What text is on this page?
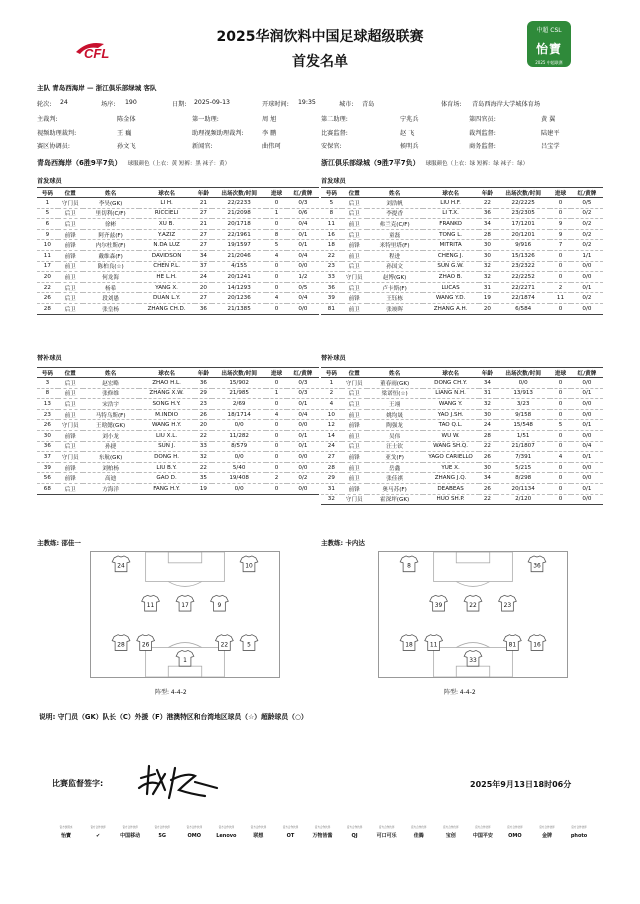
CFL
中超 CSL
怡寶
2025 中超联赛
2025华润饮料中国足球超级联赛
首发名单
主队 青岛西海岸 — 浙江俱乐部绿城 客队
轮次: 24	场序: 190	日期: 2025-09-13	开球时间: 19:35	城市: 青岛	体育场: 青岛西海岸大学城体育场
主裁判:	陈金体	第一助理:	周 旭	第二助理:	宁兆兵	第四官员:	黄 翼
视频助理裁判:	王 巍	助理视频助理裁判:	李 鹏	比赛监督:	赵 飞	裁判监督:	陆建平
赛区协调员:	孙文飞	新闻官:	曲伟珂	安保官:	候明兵	商务监督:	吕宝学
青岛西海岸（6胜9平7负） 球服颜色（上衣：黄 短裤：黑 袜子：黄）	浙江俱乐部绿城（9胜7平7负） 球服颜色（上衣：绿 短裤：绿 袜子：绿）
首发球员	首发球员
号码	位置	姓名	球衣名	年龄	出场次数/时间	进球	红/黄牌
1	守门员	李昊(GK)	LI H.	21	22/2233	0	0/3
5	后卫	里切利(C/F)	RICCIELI	27	21/2098	1	0/6
6	后卫	徐彬	XU B.	21	20/1718	0	0/4
9	前锋	阿齐兹(F)	Y.AZIZ	27	22/1961	8	0/1
10	前锋	内尔杜斯(F)	N.DA LUZ	27	19/1597	5	0/1
11	前锋	戴维森(F)	DAVIDSON	34	21/2046	4	0/4
17	前卫	陈柏良(☆)	CHEN P.L.	37	4/155	0	0/0
20	前卫	何龙海	HE L.H.	24	20/1241	0	1/2
22	后卫	杨希	YANG X.	20	14/1293	0	0/5
26	后卫	段刘愚	DUAN L.Y.	27	20/1236	4	0/4
28	后卫	张皇杨	ZHANG CH.D.	36	21/1385	0	0/0
号码	位置	姓名	球衣名	年龄	出场次数/时间	进球	红/黄牌
5	后卫	刘浩帆	LIU H.F.	22	22/2225	0	0/5
8	后卫	李提香	LI T.X.	36	23/2305	0	0/2
11	前卫	弗兰克(C/F)	FRANKO	34	17/1201	9	0/2
16	后卫	童磊	TONG L.	28	20/1201	9	0/2
18	前锋	米特里塔(F)	MITRITA	30	9/916	7	0/2
22	前卫	程进	CHENG J.	30	15/1326	0	1/1
23	后卫	孙国文	SUN G.W.	32	23/2322	0	0/0
33	守门员	赵博(GK)	ZHAO B.	32	22/2252	0	0/0
36	后卫	卢卡斯(F)	LUCAS	31	22/2271	2	0/1
39	前锋	王钰栋	WANG Y.D.	19	22/1874	11	0/2
81	前卫	张竣晖	ZHANG A.H.	20	6/584	0	0/0
替补球员	替补球员
号码	位置	姓名	球衣名	年龄	出场次数/时间	进球	红/黄牌
3	后卫	赵宏略	ZHAO H.L.	36	15/902	0	0/3
8	前卫	张修维	ZHANG X.W.	29	21/985	1	0/3
13	后卫	宋浩宇	SONG H.Y.	23	2/69	0	0/1
23	前卫	马特乌斯(F)	M.INDIO	26	18/1714	4	0/4
26	守门员	王晗懿(GK)	WANG H.Y.	20	0/0	0	0/0
30	前锋	刘小龙	LIU X.L.	22	11/282	0	0/1
36	后卫	孙捷	SUN J.	33	8/579	0	0/1
37	守门员	东航(GK)	DONG H.	32	0/0	0	0/0
39	前锋	刘柏杨	LIU B.Y.	22	5/40	0	0/0
56	前锋	高迪	GAO D.	35	19/408	2	0/2
68	后卫	方海洋	FANG H.Y.	19	0/0	0	0/0
号码	位置	姓名	球衣名	年龄	出场次数/时间	进球	红/黄牌
1	守门员	董春雨(GK)	DONG CH.Y.	34	0/0	0	0/0
2	后卫	梁诺恒(☆)	LIANG N.H.	31	13/913	0	0/1
4	后卫	王翊	WANG Y.	32	3/23	0	0/0
10	前卫	姚均晟	YAO J.SH.	30	9/158	0	0/0
12	前锋	陶强龙	TAO Q.L.	24	15/548	5	0/1
14	前卫	吴伟	WU W.	28	1/51	0	0/0
24	后卫	汪士钦	WANG SH.Q.	22	21/1807	0	0/4
27	前锋	亚戈(F)	YAGO CARIELLO	26	7/391	4	0/1
28	前卫	岳鑫	YUE X.	30	5/215	0	0/0
29	前卫	张佳祺	ZHANG J.Q.	34	8/298	0	0/0
31	前锋	奥马苏(F)	DEABEAS	26	20/1134	0	0/1
32	守门员	霍深坪(GK)	HUO SH.P.	22	2/120	0	0/0
主教练: 邵佳一	主教练: 卡内达
1
24	10
11	17	9
28	5
26	22
33
8	36
39	22	23
18	16
11	81
阵型: 4-4-2	阵型: 4-4-2
说明: 守门员（GK）队长（C）外援（F）港澳特区和台湾地区球员（☆）超龄球员（○）
比赛监督签字:	2025年9月13日18时06分
官方饮用水
怡寶
官方合作伙伴
✔
官方合作伙伴
中国移动
官方合作伙伴
5G
官方合作伙伴
OMO
官方合作伙伴
Lenovo
官方合作伙伴
联想
官方合作伙伴
OT
官方合作伙伴
万物皆酱
官方合作伙伴
QJ
官方合作伙伴
可口可乐
官方合作伙伴
佳腾
官方合作伙伴
宝创
官方合作伙伴
中国平安
官方合作伙伴
OMO
官方合作伙伴
金牌
官方合作伙伴
photo
